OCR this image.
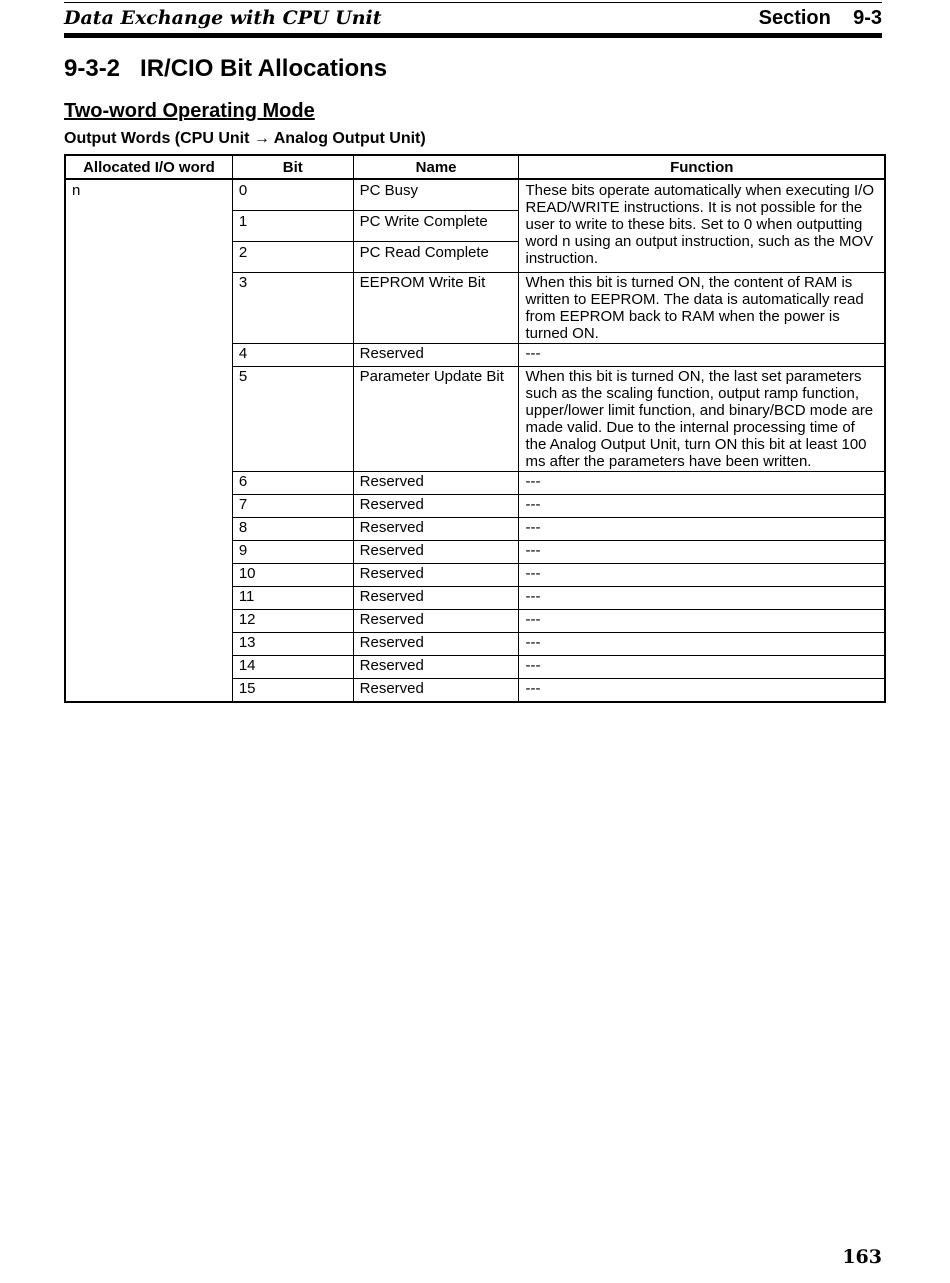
Data Exchange with CPU Unit	Section    9-3
9-3-2   IR/CIO Bit Allocations
Two-word Operating Mode
Output Words (CPU Unit → Analog Output Unit)
Allocated I/O word	Bit	Name	Function
n	0	PC Busy	These bits operate automatically when executing I/O READ/WRITE instructions. It is not possible for the user to write to these bits. Set to 0 when outputting word n using an output instruction, such as the MOV instruction.
	1	PC Write Complete	
	2	PC Read Complete	
	3	EEPROM Write Bit	When this bit is turned ON, the content of RAM is written to EEPROM. The data is automatically read from EEPROM back to RAM when the power is turned ON.
	4	Reserved	---
	5	Parameter Update Bit	When this bit is turned ON, the last set parameters such as the scaling function, output ramp function, upper/lower limit function, and binary/BCD mode are made valid. Due to the internal processing time of the Analog Output Unit, turn ON this bit at least 100 ms after the parameters have been written.
	6	Reserved	---
	7	Reserved	---
	8	Reserved	---
	9	Reserved	---
	10	Reserved	---
	11	Reserved	---
	12	Reserved	---
	13	Reserved	---
	14	Reserved	---
	15	Reserved	---
163
